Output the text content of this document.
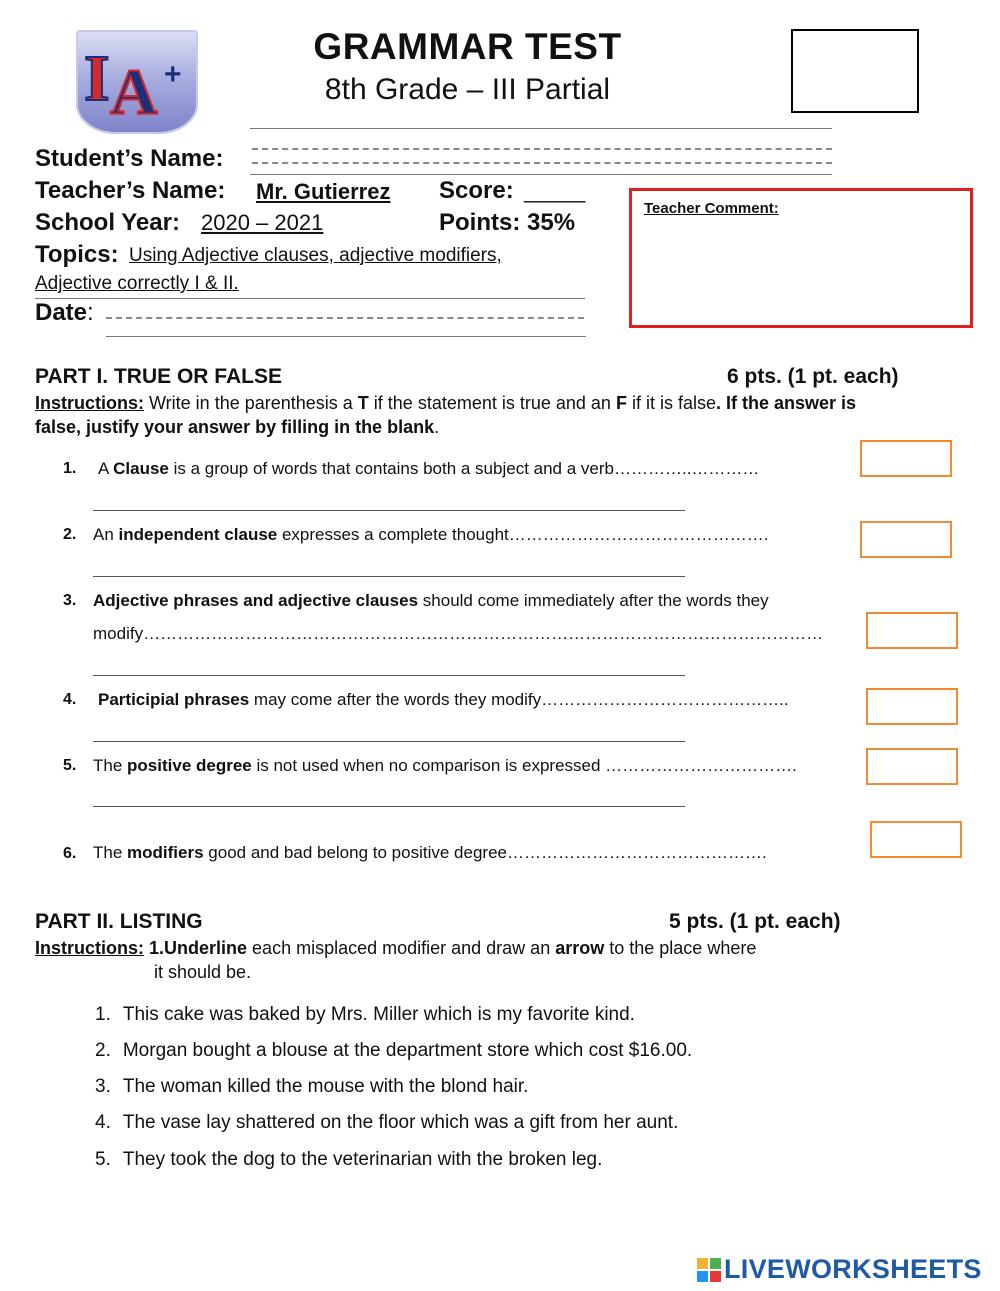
I A +
GRAMMAR TEST
8th Grade – III Partial
Student’s Name:
Teacher’s Name: Mr. Gutierrez Score: _____
School Year: 2020 – 2021	Points: 35%
Topics: Using Adjective clauses, adjective modifiers,
Adjective correctly I & II.
Date:
Teacher Comment:
PART I. TRUE OR FALSE	6 pts. (1 pt. each)
Instructions: Write in the parenthesis a T if the statement is true and an F if it is false. If the answer is
false, justify your answer by filling in the blank.
1. A Clause is a group of words that contains both a subject and a verb…………..…………
2. An independent clause expresses a complete thought……………………………………….
3. Adjective phrases and adjective clauses should come immediately after the words they
modify…………………………………………………………………………………………………………
4. Participial phrases may come after the words they modify……………………………………..
5. The positive degree is not used when no comparison is expressed …………………………….
6. The modifiers good and bad belong to positive degree……………………………………….
PART II. LISTING	5 pts. (1 pt. each)
Instructions: 1.Underline each misplaced modifier and draw an arrow to the place where
it should be.
1. This cake was baked by Mrs. Miller which is my favorite kind.
2. Morgan bought a blouse at the department store which cost $16.00.
3. The woman killed the mouse with the blond hair.
4. The vase lay shattered on the floor which was a gift from her aunt.
5. They took the dog to the veterinarian with the broken leg.
LIVEWORKSHEETS
